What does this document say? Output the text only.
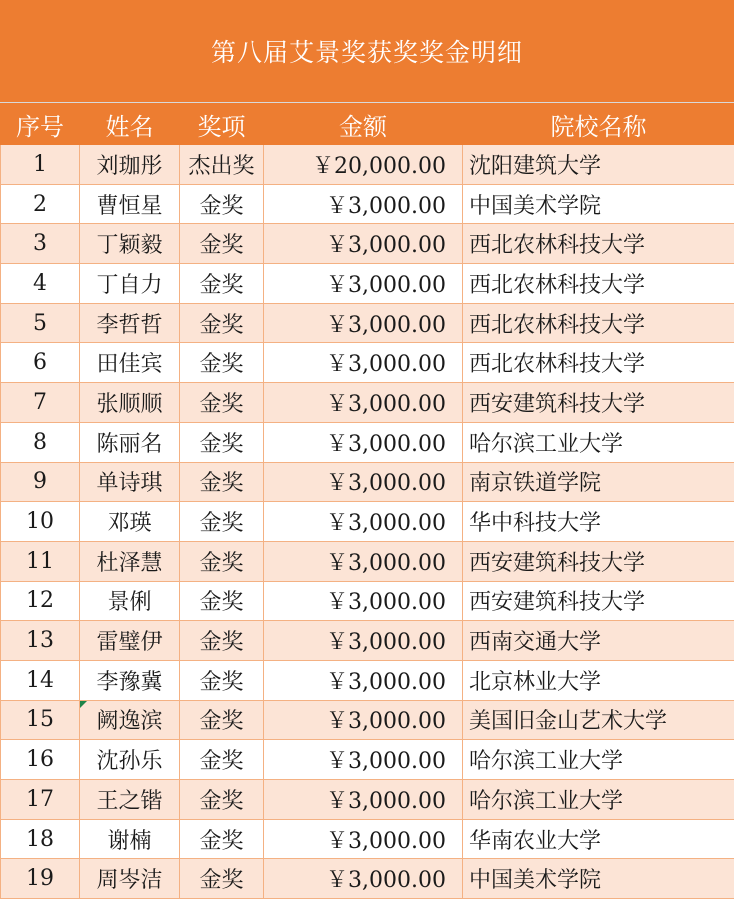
第八届艾景奖获奖奖金明细
序号	姓名	奖项	金额	院校名称
1	刘珈彤	杰出奖	￥20,000.00	沈阳建筑大学
2	曹恒星	金奖	￥3,000.00	中国美术学院
3	丁颖毅	金奖	￥3,000.00	西北农林科技大学
4	丁自力	金奖	￥3,000.00	西北农林科技大学
5	李哲哲	金奖	￥3,000.00	西北农林科技大学
6	田佳宾	金奖	￥3,000.00	西北农林科技大学
7	张顺顺	金奖	￥3,000.00	西安建筑科技大学
8	陈丽名	金奖	￥3,000.00	哈尔滨工业大学
9	单诗琪	金奖	￥3,000.00	南京铁道学院
10	邓瑛	金奖	￥3,000.00	华中科技大学
11	杜泽慧	金奖	￥3,000.00	西安建筑科技大学
12	景俐	金奖	￥3,000.00	西安建筑科技大学
13	雷璧伊	金奖	￥3,000.00	西南交通大学
14	李豫冀	金奖	￥3,000.00	北京林业大学
15	阙逸滨	金奖	￥3,000.00	美国旧金山艺术大学
16	沈孙乐	金奖	￥3,000.00	哈尔滨工业大学
17	王之锴	金奖	￥3,000.00	哈尔滨工业大学
18	谢楠	金奖	￥3,000.00	华南农业大学
19	周岑洁	金奖	￥3,000.00	中国美术学院
